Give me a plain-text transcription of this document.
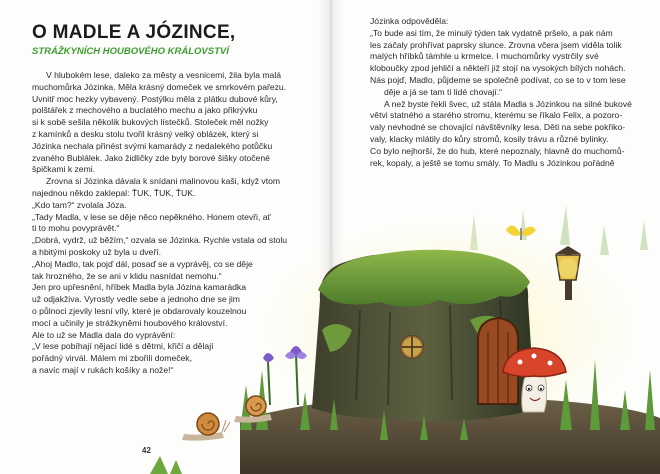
O MADLE A JÓZINCE,
STRÁŽKYNÍCH HOUBOVÉHO KRÁLOVSTVÍ
V hlubokém lese, daleko za městy a vesnicemi, žila byla malá
muchomůrka Józinka. Měla krásný domeček ve smrkovém pařezu.
Uvnitř moc hezky vybavený. Postýlku měla z plátku dubové kůry,
polštářek z mechového a buclatého mechu a jako přikrývku
si k sobě sešila několik bukových lístečků. Stoleček měl nožky
z kamínků a desku stolu tvořil krásný velký oblázek, který si
Józinka nechala přinést svými kamarády z nedalekého potůčku
zvaného Bublálek. Jako židličky zde byly borové šišky otočené
špičkami k zemi.
Zrovna si Józinka dávala k snídani malinovou kaši, když vtom
najednou někdo zaklepal: ŤUK, ŤUK, ŤUK.
„Kdo tam?“ zvolala Józa.
„Tady Madla, v lese se děje něco nepěkného. Honem otevři, ať
ti to mohu povyprávět.“
„Dobrá, vydrž, už běžím,“ ozvala se Józinka. Rychle vstala od stolu
a hbitými poskoky už byla u dveří.
„Ahoj Madlo, tak pojď dál, posaď se a vyprávěj, co se děje
tak hrozného, že se ani v klidu nasnídat nemohu.“
Jen pro upřesnění, hříbek Madla byla Józina kamarádka
už odjakživa. Vyrostly vedle sebe a jednoho dne se jim
o půlnoci zjevily lesní víly, které je obdarovaly kouzelnou
mocí a učinily je strážkyněmi houbového království.
Ale to už se Madla dala do vyprávění:
„V lese pobíhají nějací lidé s dětmi, křičí a dělají
pořádný virvál. Málem mi zbořili domeček,
a navíc mají v rukách košíky a nože!“
42
Józinka odpověděla:
„To bude asi tím, že minulý týden tak vydatně pršelo, a pak nám
les začaly prohřívat paprsky slunce. Zrovna včera jsem viděla tolik
malých hříbků támhle u krmelce. I muchomůrky vystrčily své
kloboučky zpod jehličí a někteří již stojí na vysokých bílých nohách.
Nás pojď, Madlo, půjdeme se společně podívat, co se to v tom lese
děje a já se tam ti lidé chovají.“
A než byste řekli švec, už stála Madla s Józinkou na silné bukové
větvi statného a starého stromu, kterému se říkalo Felix, a pozoro-
valy nevhodné se chovající návštěvníky lesa. Děti na sebe pokřiko-
valy, klacky mlátily do kůry stromů, kosily trávu a různé bylinky.
Co bylo nejhorší, že do hub, které nepoznaly, hlavně do muchomů-
rek, kopaly, a ještě se tomu smály. To Madlu s Józinkou pořádně
